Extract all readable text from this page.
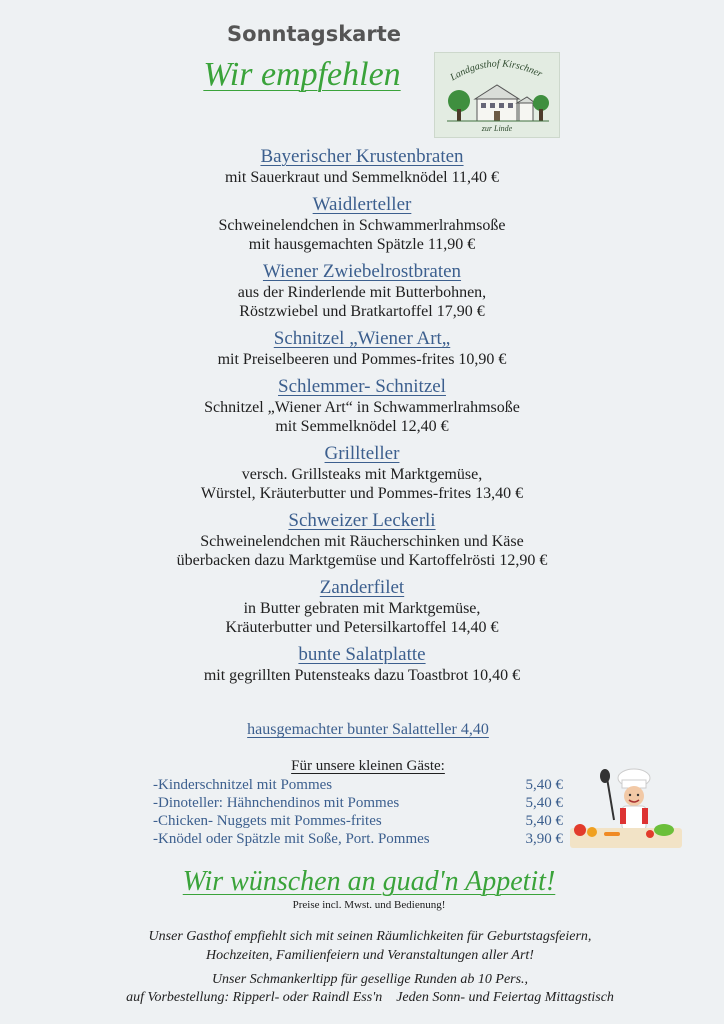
Sonntagskarte
Wir empfehlen	Landgasthof Kirschner
zur Linde
Bayerischer Krustenbraten
mit Sauerkraut und Semmelknödel 11,40 €
Waidlerteller
Schweinelendchen in Schwammerlrahmsoße
mit hausgemachten Spätzle 11,90 €
Wiener Zwiebelrostbraten
aus der Rinderlende mit Butterbohnen,
Röstzwiebel und Bratkartoffel 17,90 €
Schnitzel „Wiener Art„
mit Preiselbeeren und Pommes-frites 10,90 €
Schlemmer- Schnitzel
Schnitzel „Wiener Art“ in Schwammerlrahmsoße
mit Semmelknödel 12,40 €
Grillteller
versch. Grillsteaks mit Marktgemüse,
Würstel, Kräuterbutter und Pommes-frites 13,40 €
Schweizer Leckerli
Schweinelendchen mit Räucherschinken und Käse
überbacken dazu Marktgemüse und Kartoffelrösti 12,90 €
Zanderfilet
in Butter gebraten mit Marktgemüse,
Kräuterbutter und Petersilkartoffel 14,40 €
bunte Salatplatte
mit gegrillten Putensteaks dazu Toastbrot 10,40 €
hausgemachter bunter Salatteller 4,40
Für unsere kleinen Gäste:
-Kinderschnitzel mit Pommes	5,40 €
-Dinoteller: Hähnchendinos mit Pommes	5,40 €
-Chicken- Nuggets mit Pommes-frites	5,40 €
-Knödel oder Spätzle mit Soße, Port. Pommes	3,90 €
Wir wünschen an guad'n Appetit!
Preise incl. Mwst. und Bedienung!
Unser Gasthof empfiehlt sich mit seinen Räumlichkeiten für Geburtstagsfeiern,
Hochzeiten, Familienfeiern und Veranstaltungen aller Art!
Unser Schmankerltipp für gesellige Runden ab 10 Pers.,
auf Vorbestellung: Ripperl- oder Raindl Ess'n    Jeden Sonn- und Feiertag Mittagstisch
